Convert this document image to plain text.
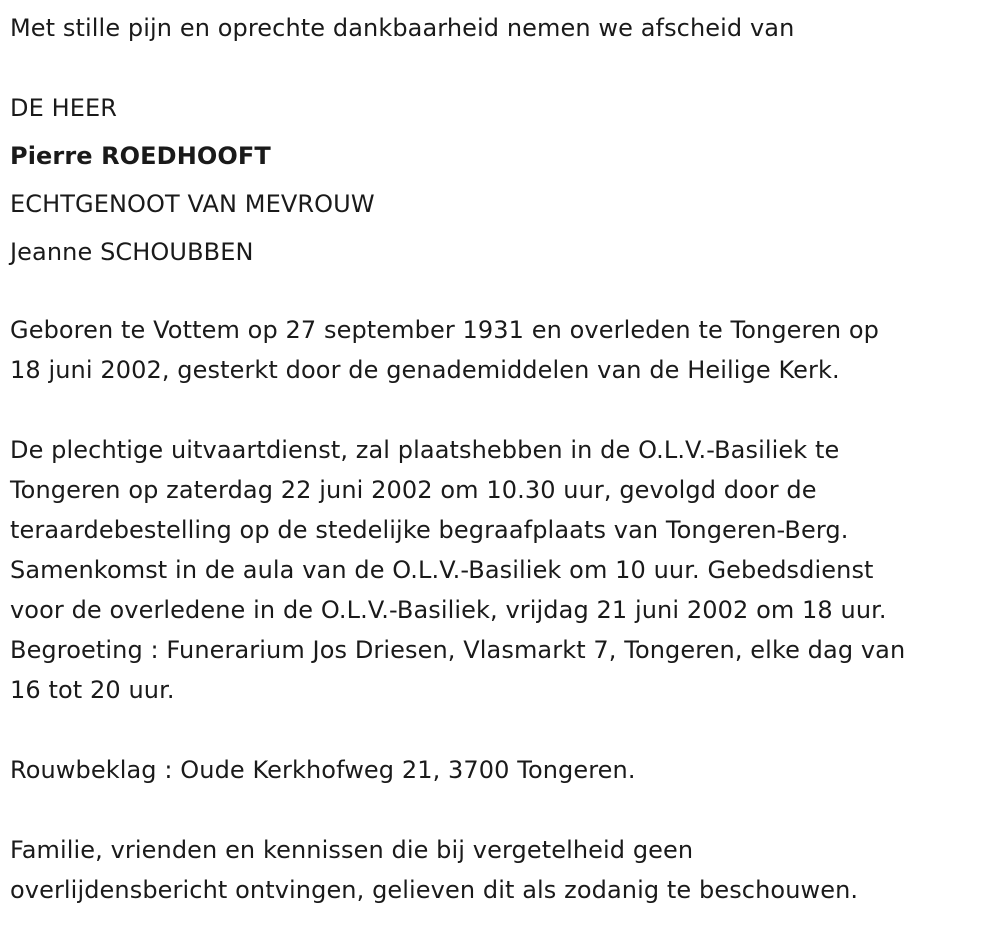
Met stille pijn en oprechte dankbaarheid nemen we afscheid van
DE HEER
Pierre ROEDHOOFT
ECHTGENOOT VAN MEVROUW
Jeanne SCHOUBBEN
Geboren te Vottem op 27 september 1931 en overleden te Tongeren op
18 juni 2002, gesterkt door de genademiddelen van de Heilige Kerk.
De plechtige uitvaartdienst, zal plaatshebben in de O.L.V.-Basiliek te
Tongeren op zaterdag 22 juni 2002 om 10.30 uur, gevolgd door de
teraardebestelling op de stedelijke begraafplaats van Tongeren-Berg.
Samenkomst in de aula van de O.L.V.-Basiliek om 10 uur. Gebedsdienst
voor de overledene in de O.L.V.-Basiliek, vrijdag 21 juni 2002 om 18 uur.
Begroeting : Funerarium Jos Driesen, Vlasmarkt 7, Tongeren, elke dag van
16 tot 20 uur.
Rouwbeklag : Oude Kerkhofweg 21, 3700 Tongeren.
Familie, vrienden en kennissen die bij vergetelheid geen
overlijdensbericht ontvingen, gelieven dit als zodanig te beschouwen.
